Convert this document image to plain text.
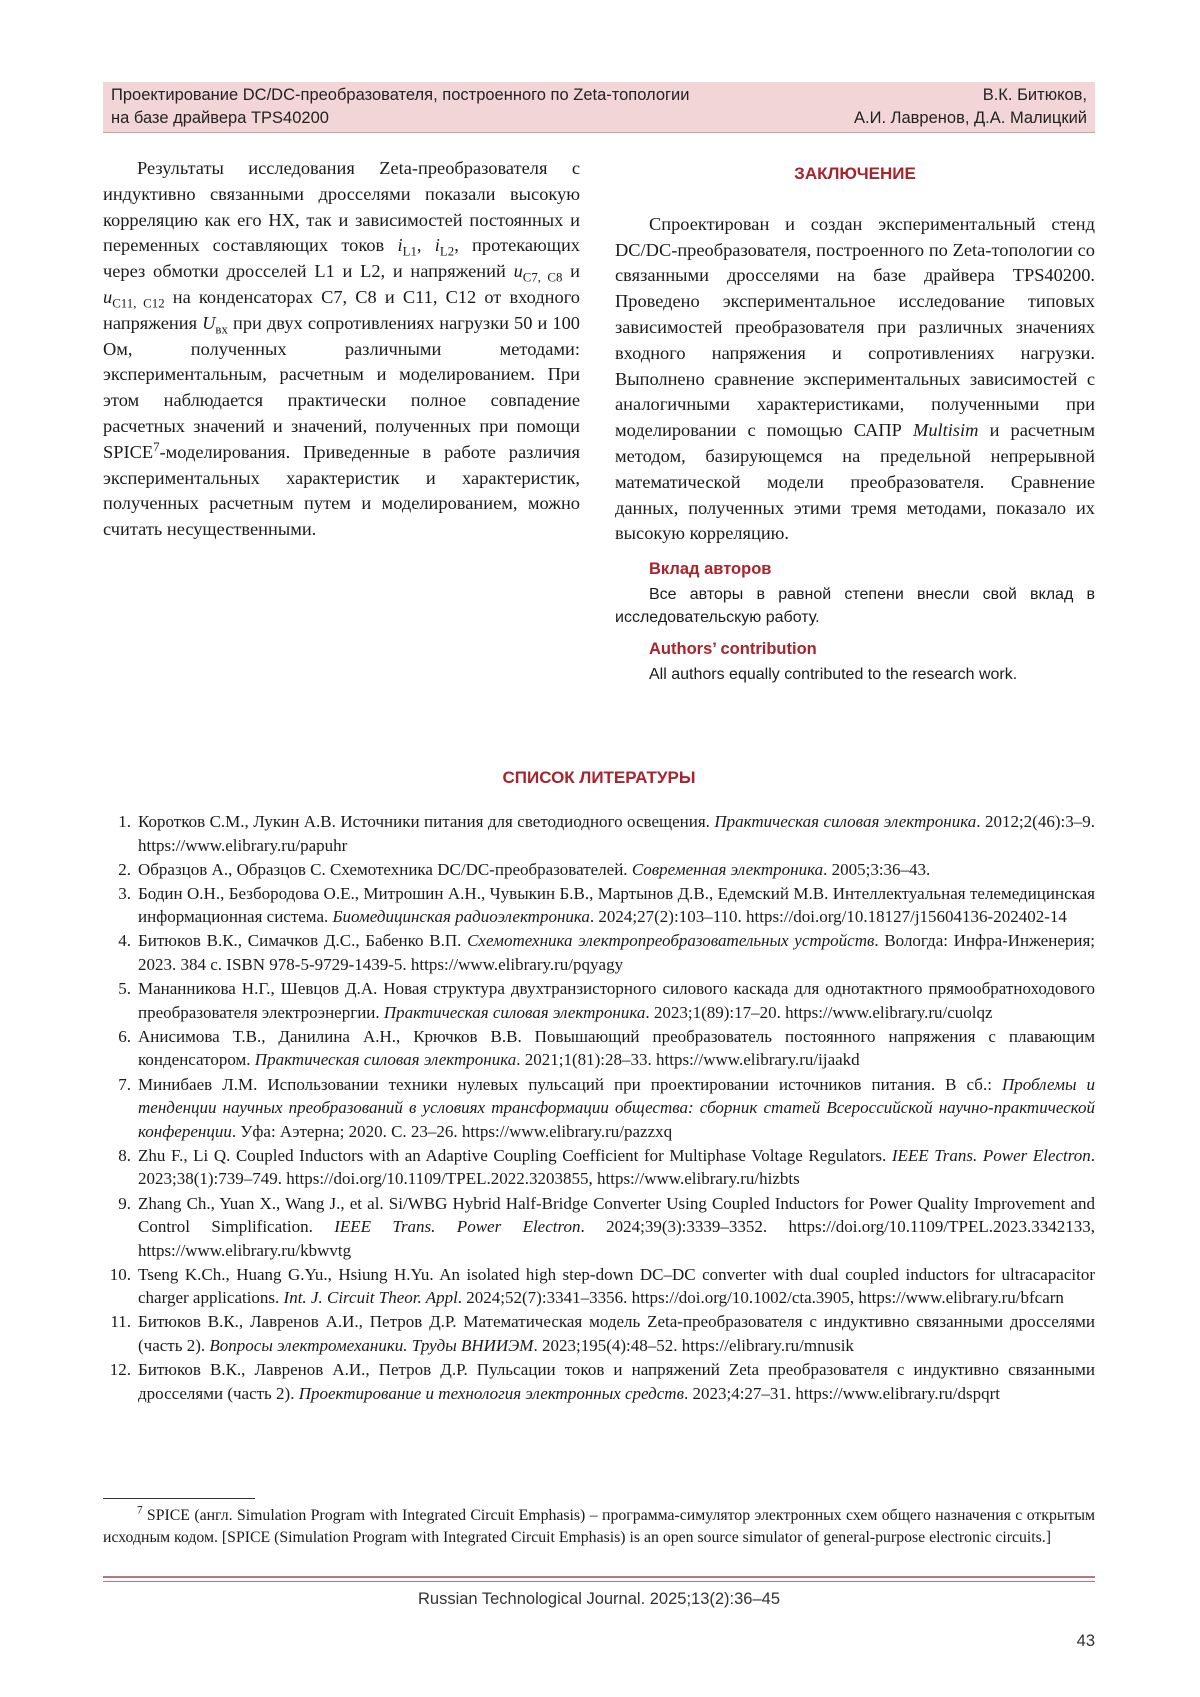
Проектирование DC/DC-преобразователя, построенного по Zeta-топологии
на базе драйвера TPS40200
В.К. Битюков,
А.И. Лавренов, Д.А. Малицкий

Результаты исследования Zeta-преобразователя с индуктивно связанными дросселями показали высокую корреляцию как его НХ, так и зависимостей постоянных и переменных составляющих токов $i_{L1}$, $i_{L2}$, протекающих через обмотки дросселей L1 и L2, и напряжений $u_{C7, C8}$ и $u_{C11, C12}$ на конденсаторах C7, C8 и C11, C12 от входного напряжения $U_{вх}$ при двух сопротивлениях нагрузки 50 и 100 Ом, полученных различными методами: экспериментальным, расчетным и моделированием. При этом наблюдается практически полное совпадение расчетных значений и значений, полученных при помощи SPICE$^7$-моделирования. Приведенные в работе различия экспериментальных характеристик и характеристик, полученных расчетным путем и моделированием, можно считать несущественными.

ЗАКЛЮЧЕНИЕ

Спроектирован и создан экспериментальный стенд DC/DC-преобразователя, построенного по Zeta-топологии со связанными дросселями на базе драйвера TPS40200. Проведено экспериментальное исследование типовых зависимостей преобразователя при различных значениях входного напряжения и сопротивлениях нагрузки. Выполнено сравнение экспериментальных зависимостей с аналогичными характеристиками, полученными при моделировании с помощью САПР Multisim и расчетным методом, базирующемся на предельной непрерывной математической модели преобразователя. Сравнение данных, полученных этими тремя методами, показало их высокую корреляцию.

Вклад авторов

Все авторы в равной степени внесли свой вклад в исследовательскую работу.

Authors’ contribution

All authors equally contributed to the research work.

СПИСОК ЛИТЕРАТУРЫ

1. Коротков С.М., Лукин А.В. Источники питания для светодиодного освещения. Практическая силовая электроника. 2012;2(46):3–9. https://www.elibrary.ru/papuhr
2. Образцов А., Образцов С. Схемотехника DC/DC-преобразователей. Современная электроника. 2005;3:36–43.
3. Бодин О.Н., Безбородова О.Е., Митрошин А.Н., Чувыкин Б.В., Мартынов Д.В., Едемский М.В. Интеллектуальная телемедицинская информационная система. Биомедицинская радиоэлектроника. 2024;27(2):103–110. https://doi.org/10.18127/j15604136-202402-14
4. Битюков В.К., Симачков Д.С., Бабенко В.П. Схемотехника электропреобразовательных устройств. Вологда: Инфра-Инженерия; 2023. 384 с. ISBN 978-5-9729-1439-5. https://www.elibrary.ru/pqyagy
5. Мананникова Н.Г., Шевцов Д.А. Новая структура двухтранзисторного силового каскада для однотактного прямообратноходового преобразователя электроэнергии. Практическая силовая электроника. 2023;1(89):17–20. https://www.elibrary.ru/cuolqz
6. Анисимова Т.В., Данилина А.Н., Крючков В.В. Повышающий преобразователь постоянного напряжения с плавающим конденсатором. Практическая силовая электроника. 2021;1(81):28–33. https://www.elibrary.ru/ijaakd
7. Минибаев Л.М. Использовании техники нулевых пульсаций при проектировании источников питания. В сб.: Проблемы и тенденции научных преобразований в условиях трансформации общества: сборник статей Всероссийской научно-практической конференции. Уфа: Аэтерна; 2020. С. 23–26. https://www.elibrary.ru/pazzxq
8. Zhu F., Li Q. Coupled Inductors with an Adaptive Coupling Coefficient for Multiphase Voltage Regulators. IEEE Trans. Power Electron. 2023;38(1):739–749. https://doi.org/10.1109/TPEL.2022.3203855, https://www.elibrary.ru/hizbts
9. Zhang Ch., Yuan X., Wang J., et al. Si/WBG Hybrid Half-Bridge Converter Using Coupled Inductors for Power Quality Improvement and Control Simplification. IEEE Trans. Power Electron. 2024;39(3):3339–3352. https://doi.org/10.1109/TPEL.2023.3342133, https://www.elibrary.ru/kbwvtg
10. Tseng K.Ch., Huang G.Yu., Hsiung H.Yu. An isolated high step-down DC–DC converter with dual coupled inductors for ultracapacitor charger applications. Int. J. Circuit Theor. Appl. 2024;52(7):3341–3356. https://doi.org/10.1002/cta.3905, https://www.elibrary.ru/bfcarn
11. Битюков В.К., Лавренов А.И., Петров Д.Р. Математическая модель Zeta-преобразователя с индуктивно связанными дросселями (часть 2). Вопросы электромеханики. Труды ВНИИЭМ. 2023;195(4):48–52. https://elibrary.ru/mnusik
12. Битюков В.К., Лавренов А.И., Петров Д.Р. Пульсации токов и напряжений Zeta преобразователя с индуктивно связанными дросселями (часть 2). Проектирование и технология электронных средств. 2023;4:27–31. https://www.elibrary.ru/dspqrt
$^7$ SPICE (англ. Simulation Program with Integrated Circuit Emphasis) – программа-симулятор электронных схем общего назначения с открытым исходным кодом. [SPICE (Simulation Program with Integrated Circuit Emphasis) is an open source simulator of general-purpose electronic circuits.]
Russian Technological Journal. 2025;13(2):36–45
43
